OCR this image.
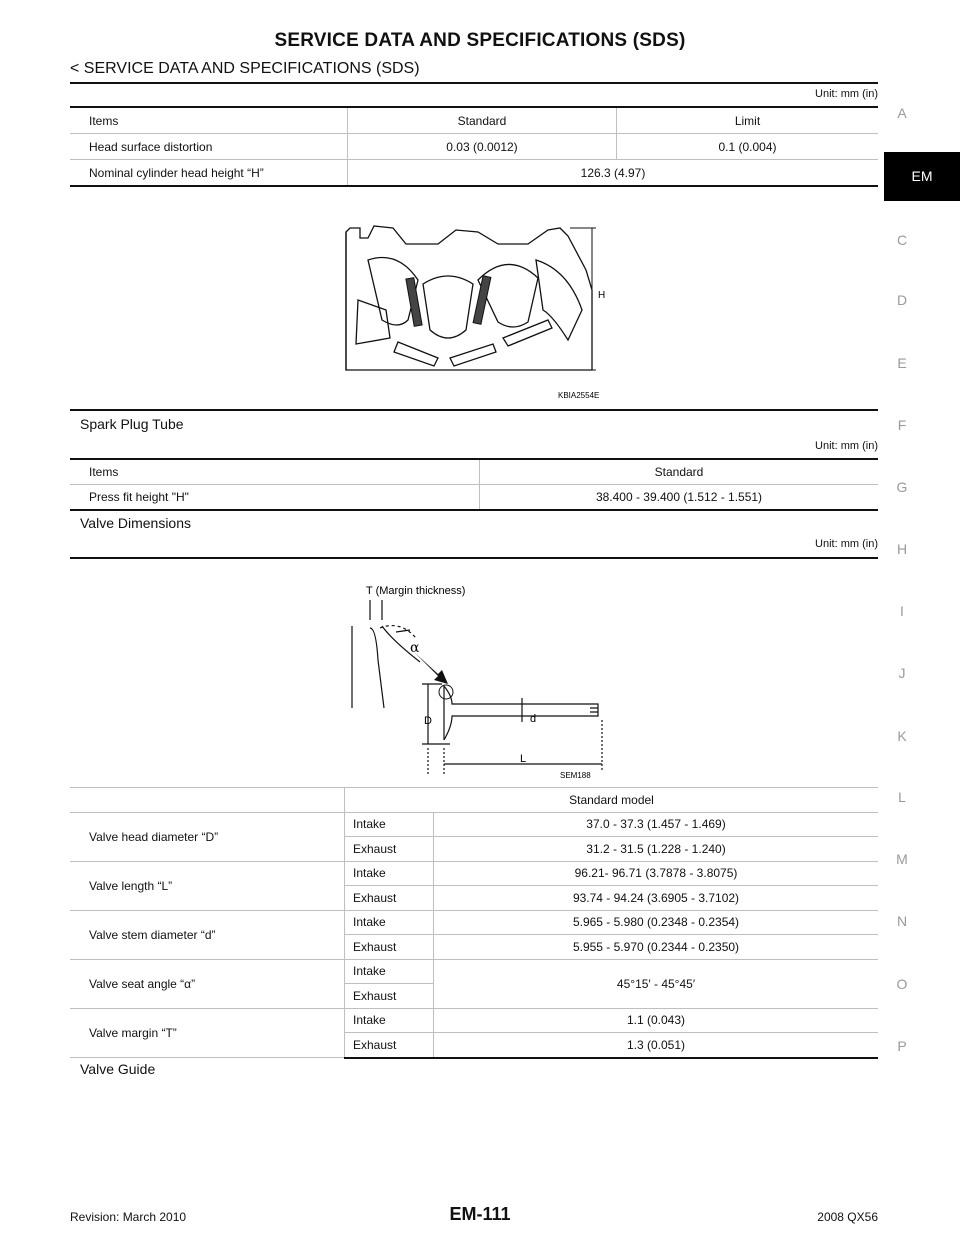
SERVICE DATA AND SPECIFICATIONS (SDS)
< SERVICE DATA AND SPECIFICATIONS (SDS)
A
EM
C
D
E
F
G
H
I
J
K
L
M
N
O
P
Unit: mm (in)
Items	Standard	Limit
Head surface distortion	0.03 (0.0012)	0.1 (0.004)
Nominal cylinder head height “H”	126.3 (4.97)	
H
KBIA2554E
Spark Plug Tube
Unit: mm (in)
Items	Standard
Press fit height "H"	38.400 - 39.400 (1.512 - 1.551)
Valve Dimensions
Unit: mm (in)
T (Margin thickness)
α
D	d
L
SEM188
	Standard model	
Valve head diameter “D”	Intake	37.0 - 37.3 (1.457 - 1.469)
	Exhaust	31.2 - 31.5 (1.228 - 1.240)
Valve length “L”	Intake	96.21- 96.71 (3.7878 - 3.8075)
	Exhaust	93.74 - 94.24 (3.6905 - 3.7102)
Valve stem diameter “d”	Intake	5.965 - 5.980 (0.2348 - 0.2354)
	Exhaust	5.955 - 5.970 (0.2344 - 0.2350)
Valve seat angle “α”	Intake	45°15′ - 45°45′
	Exhaust	
Valve margin “T”	Intake	1.1 (0.043)
	Exhaust	1.3 (0.051)
Valve Guide
Revision: March 2010	EM-111	2008 QX56
